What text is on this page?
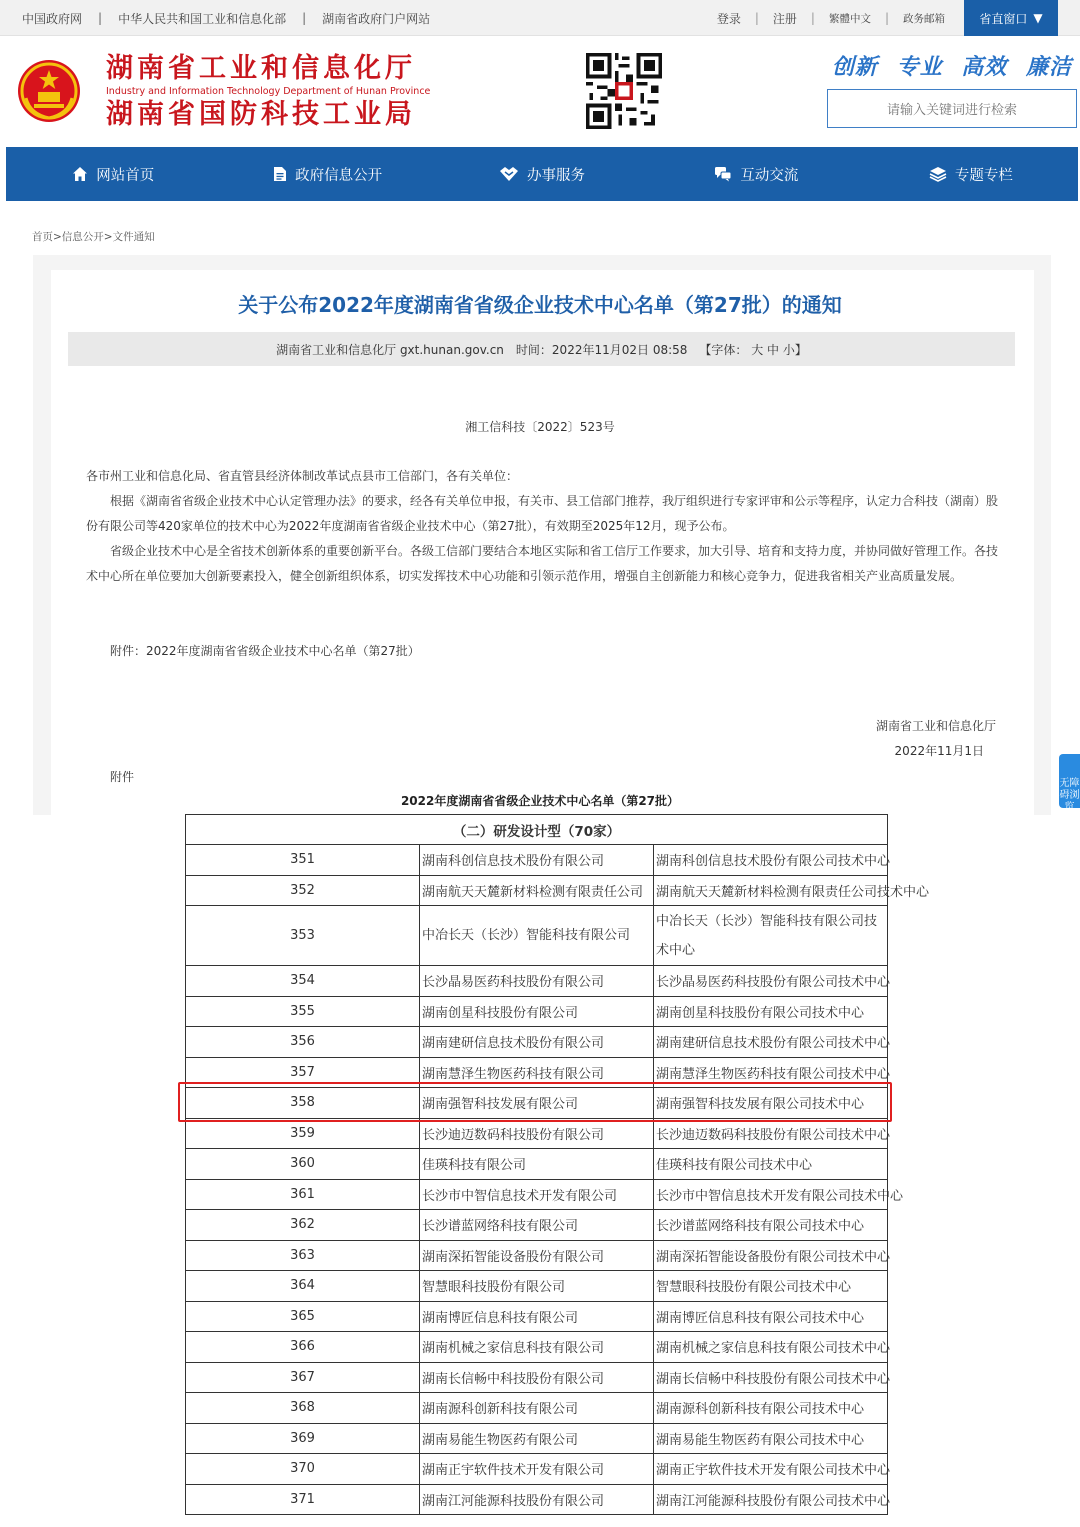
中国政府网 | 中华人民共和国工业和信息化部 | 湖南省政府门户网站	登录 | 注册 | 繁體中文 | 政务邮箱	省直窗口 ▼
湖南省工业和信息化厅
Industry and Information Technology Department of Hunan Province
湖南省国防科技工业局
创新 专业 高效 廉洁
请输入关键词进行检索
网站首页	政府信息公开	办事服务	互动交流	专题专栏
首页>信息公开>文件通知
关于公布2022年度湖南省省级企业技术中心名单（第27批）的通知
湖南省工业和信息化厅 gxt.hunan.gov.cn 时间：2022年11月02日 08:58 【字体： 大 中 小】
湘工信科技〔2022〕523号

各市州工业和信息化局、省直管县经济体制改革试点县市工信部门，各有关单位：

根据《湖南省省级企业技术中心认定管理办法》的要求，经各有关单位申报，有关市、县工信部门推荐，我厅组织进行专家评审和公示等程序，认定力合科技（湖南）股份有限公司等420家单位的技术中心为2022年度湖南省省级企业技术中心（第27批），有效期至2025年12月，现予公布。

省级企业技术中心是全省技术创新体系的重要创新平台。各级工信部门要结合本地区实际和省工信厅工作要求，加大引导、培育和支持力度，并协同做好管理工作。各技术中心所在单位要加大创新要素投入，健全创新组织体系，切实发挥技术中心功能和引领示范作用，增强自主创新能力和核心竞争力，促进我省相关产业高质量发展。

附件：2022年度湖南省省级企业技术中心名单（第27批）
湖南省工业和信息化厅
2022年11月1日
附件
2022年度湖南省省级企业技术中心名单（第27批）
无障碍浏览
（二）研发设计型（70家）		
351	湖南科创信息技术股份有限公司	湖南科创信息技术股份有限公司技术中心
352	湖南航天天麓新材料检测有限责任公司	湖南航天天麓新材料检测有限责任公司技术中心
353	中冶长天（长沙）智能科技有限公司	中冶长天（长沙）智能科技有限公司技术中心
354	长沙晶易医药科技股份有限公司	长沙晶易医药科技股份有限公司技术中心
355	湖南创星科技股份有限公司	湖南创星科技股份有限公司技术中心
356	湖南建研信息技术股份有限公司	湖南建研信息技术股份有限公司技术中心
357	湖南慧泽生物医药科技有限公司	湖南慧泽生物医药科技有限公司技术中心
358	湖南强智科技发展有限公司	湖南强智科技发展有限公司技术中心
359	长沙迪迈数码科技股份有限公司	长沙迪迈数码科技股份有限公司技术中心
360	佳瑛科技有限公司	佳瑛科技有限公司技术中心
361	长沙市中智信息技术开发有限公司	长沙市中智信息技术开发有限公司技术中心
362	长沙谱蓝网络科技有限公司	长沙谱蓝网络科技有限公司技术中心
363	湖南深拓智能设备股份有限公司	湖南深拓智能设备股份有限公司技术中心
364	智慧眼科技股份有限公司	智慧眼科技股份有限公司技术中心
365	湖南博匠信息科技有限公司	湖南博匠信息科技有限公司技术中心
366	湖南机械之家信息科技有限公司	湖南机械之家信息科技有限公司技术中心
367	湖南长信畅中科技股份有限公司	湖南长信畅中科技股份有限公司技术中心
368	湖南源科创新科技有限公司	湖南源科创新科技有限公司技术中心
369	湖南易能生物医药有限公司	湖南易能生物医药有限公司技术中心
370	湖南正宇软件技术开发有限公司	湖南正宇软件技术开发有限公司技术中心
371	湖南江河能源科技股份有限公司	湖南江河能源科技股份有限公司技术中心
